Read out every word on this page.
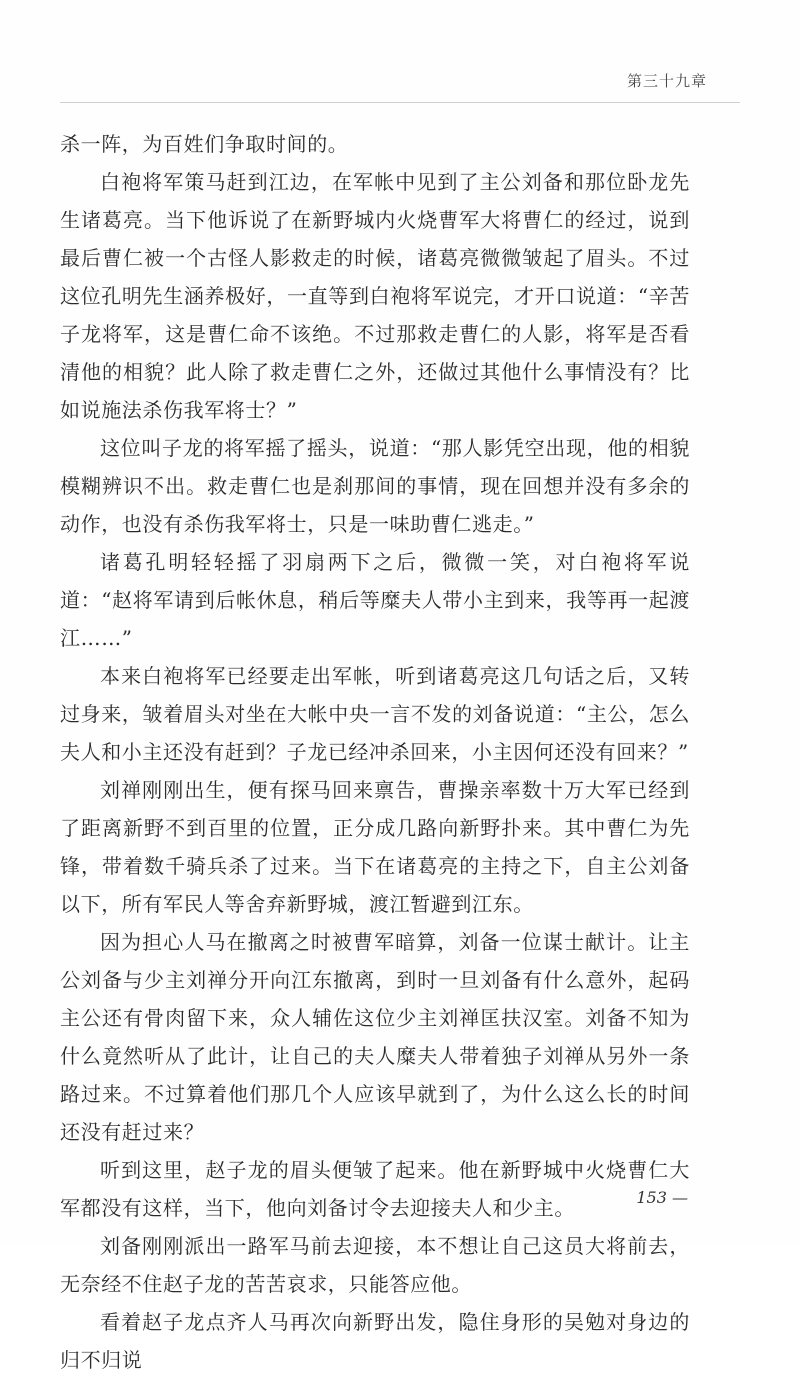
第三十九章

杀一阵，为百姓们争取时间的。

白袍将军策马赶到江边，在军帐中见到了主公刘备和那位卧龙先生诸葛亮。当下他诉说了在新野城内火烧曹军大将曹仁的经过，说到最后曹仁被一个古怪人影救走的时候，诸葛亮微微皱起了眉头。不过这位孔明先生涵养极好，一直等到白袍将军说完，才开口说道：“辛苦子龙将军，这是曹仁命不该绝。不过那救走曹仁的人影，将军是否看清他的相貌？此人除了救走曹仁之外，还做过其他什么事情没有？比如说施法杀伤我军将士？”

这位叫子龙的将军摇了摇头，说道：“那人影凭空出现，他的相貌模糊辨识不出。救走曹仁也是刹那间的事情，现在回想并没有多余的动作，也没有杀伤我军将士，只是一味助曹仁逃走。”

诸葛孔明轻轻摇了羽扇两下之后，微微一笑，对白袍将军说道：“赵将军请到后帐休息，稍后等糜夫人带小主到来，我等再一起渡江……”

本来白袍将军已经要走出军帐，听到诸葛亮这几句话之后，又转过身来，皱着眉头对坐在大帐中央一言不发的刘备说道：“主公，怎么夫人和小主还没有赶到？子龙已经冲杀回来，小主因何还没有回来？”

刘禅刚刚出生，便有探马回来禀告，曹操亲率数十万大军已经到了距离新野不到百里的位置，正分成几路向新野扑来。其中曹仁为先锋，带着数千骑兵杀了过来。当下在诸葛亮的主持之下，自主公刘备以下，所有军民人等舍弃新野城，渡江暂避到江东。

因为担心人马在撤离之时被曹军暗算，刘备一位谋士献计。让主公刘备与少主刘禅分开向江东撤离，到时一旦刘备有什么意外，起码主公还有骨肉留下来，众人辅佐这位少主刘禅匡扶汉室。刘备不知为什么竟然听从了此计，让自己的夫人糜夫人带着独子刘禅从另外一条路过来。不过算着他们那几个人应该早就到了，为什么这么长的时间还没有赶过来？

听到这里，赵子龙的眉头便皱了起来。他在新野城中火烧曹仁大军都没有这样，当下，他向刘备讨令去迎接夫人和少主。

刘备刚刚派出一路军马前去迎接，本不想让自己这员大将前去，无奈经不住赵子龙的苦苦哀求，只能答应他。

看着赵子龙点齐人马再次向新野出发，隐住身形的吴勉对身边的归不归说

153 —
